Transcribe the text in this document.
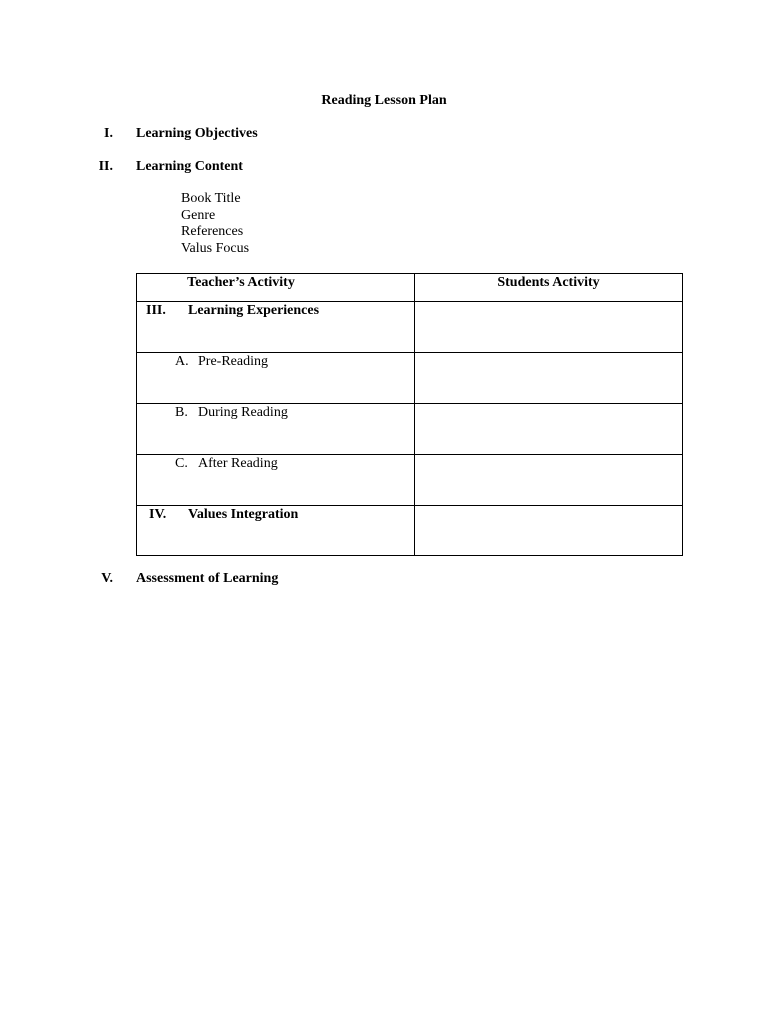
Reading Lesson Plan
I. Learning Objectives
II. Learning Content
Book Title
Genre
References
Valus Focus
Teacher’s Activity	Students Activity

III. Learning Experiences	

A. Pre-Reading	

B. During Reading	

C. After Reading	

IV. Values Integration	

V. Assessment of Learning
